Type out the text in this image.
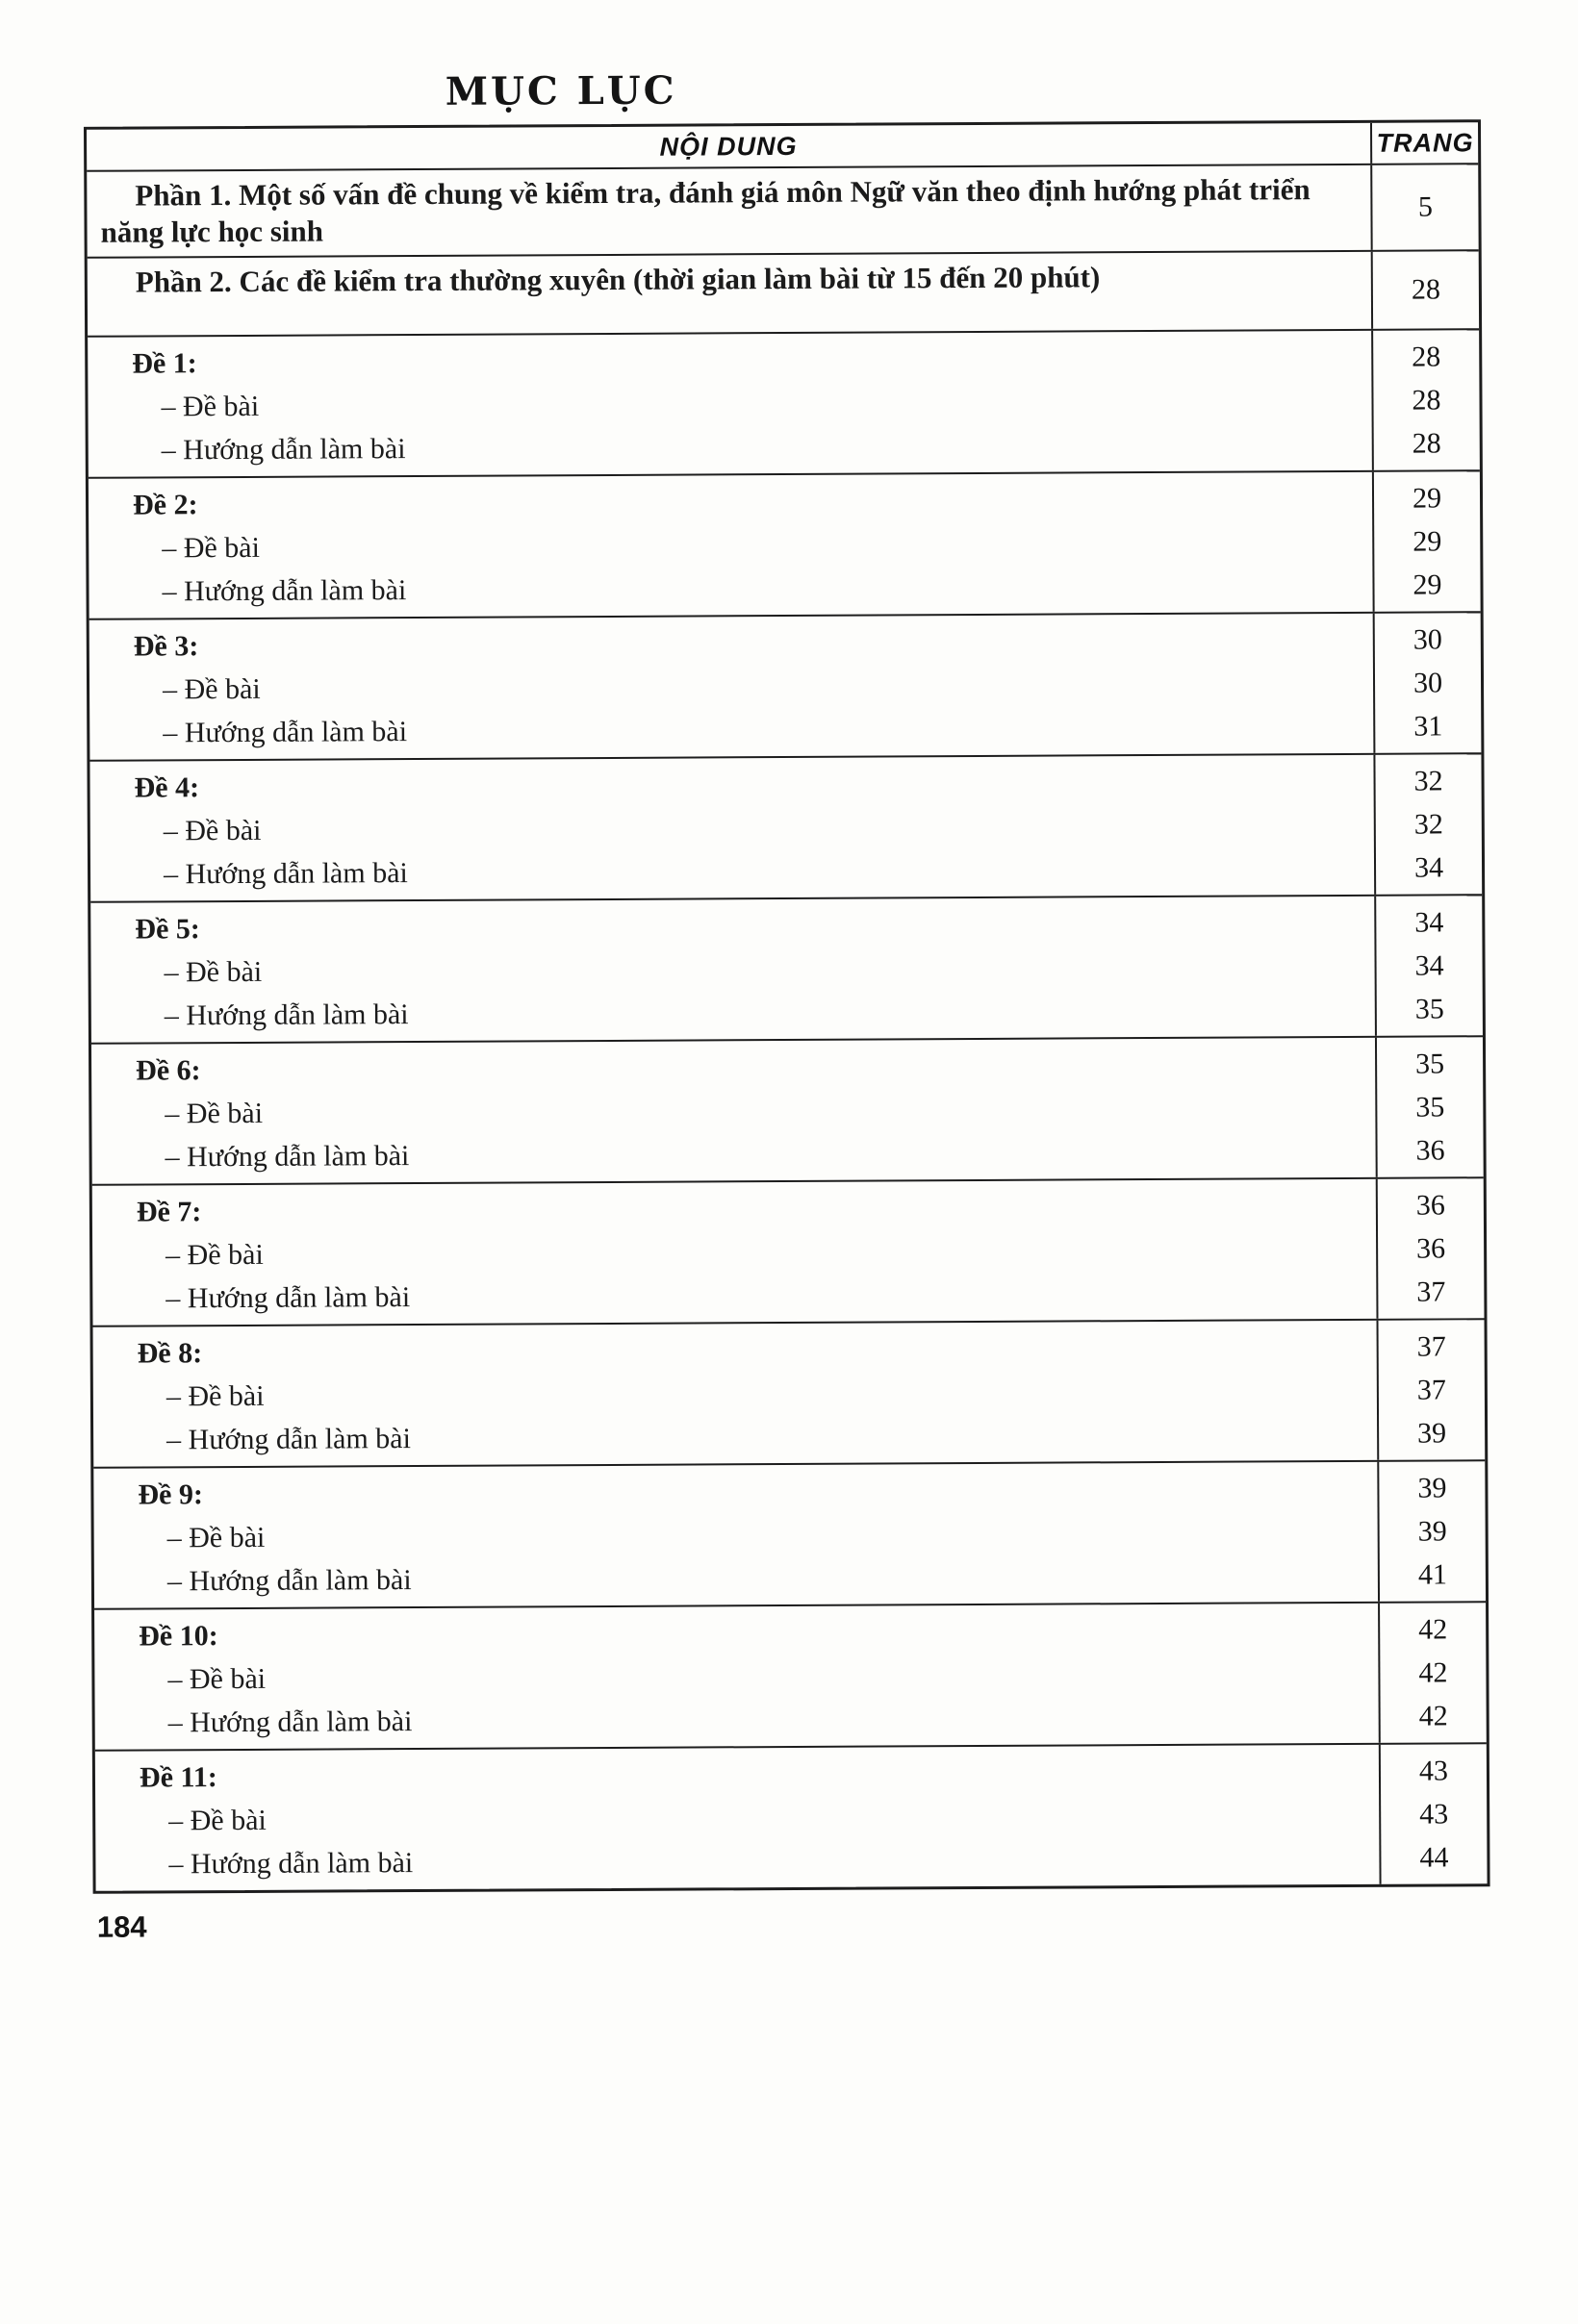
MỤC LỤC
NỘI DUNG	TRANG
Phần 1. Một số vấn đề chung về kiểm tra, đánh giá môn Ngữ văn theo định hướng phát triển năng lực học sinh
5
Phần 2. Các đề kiểm tra thường xuyên (thời gian làm bài từ 15 đến 20 phút)	28
Đề 1:
– Đề bài
– Hướng dẫn làm bài
28
28
28
Đề 2:
– Đề bài
– Hướng dẫn làm bài
29
29
29
Đề 3:
– Đề bài
– Hướng dẫn làm bài
30
30
31
Đề 4:
– Đề bài
– Hướng dẫn làm bài
32
32
34
Đề 5:
– Đề bài
– Hướng dẫn làm bài
34
34
35
Đề 6:
– Đề bài
– Hướng dẫn làm bài
35
35
36
Đề 7:
– Đề bài
– Hướng dẫn làm bài
36
36
37
Đề 8:
– Đề bài
– Hướng dẫn làm bài
37
37
39
Đề 9:
– Đề bài
– Hướng dẫn làm bài
39
39
41
Đề 10:
– Đề bài
– Hướng dẫn làm bài
42
42
42
Đề 11:
– Đề bài
– Hướng dẫn làm bài
43
43
44
184
